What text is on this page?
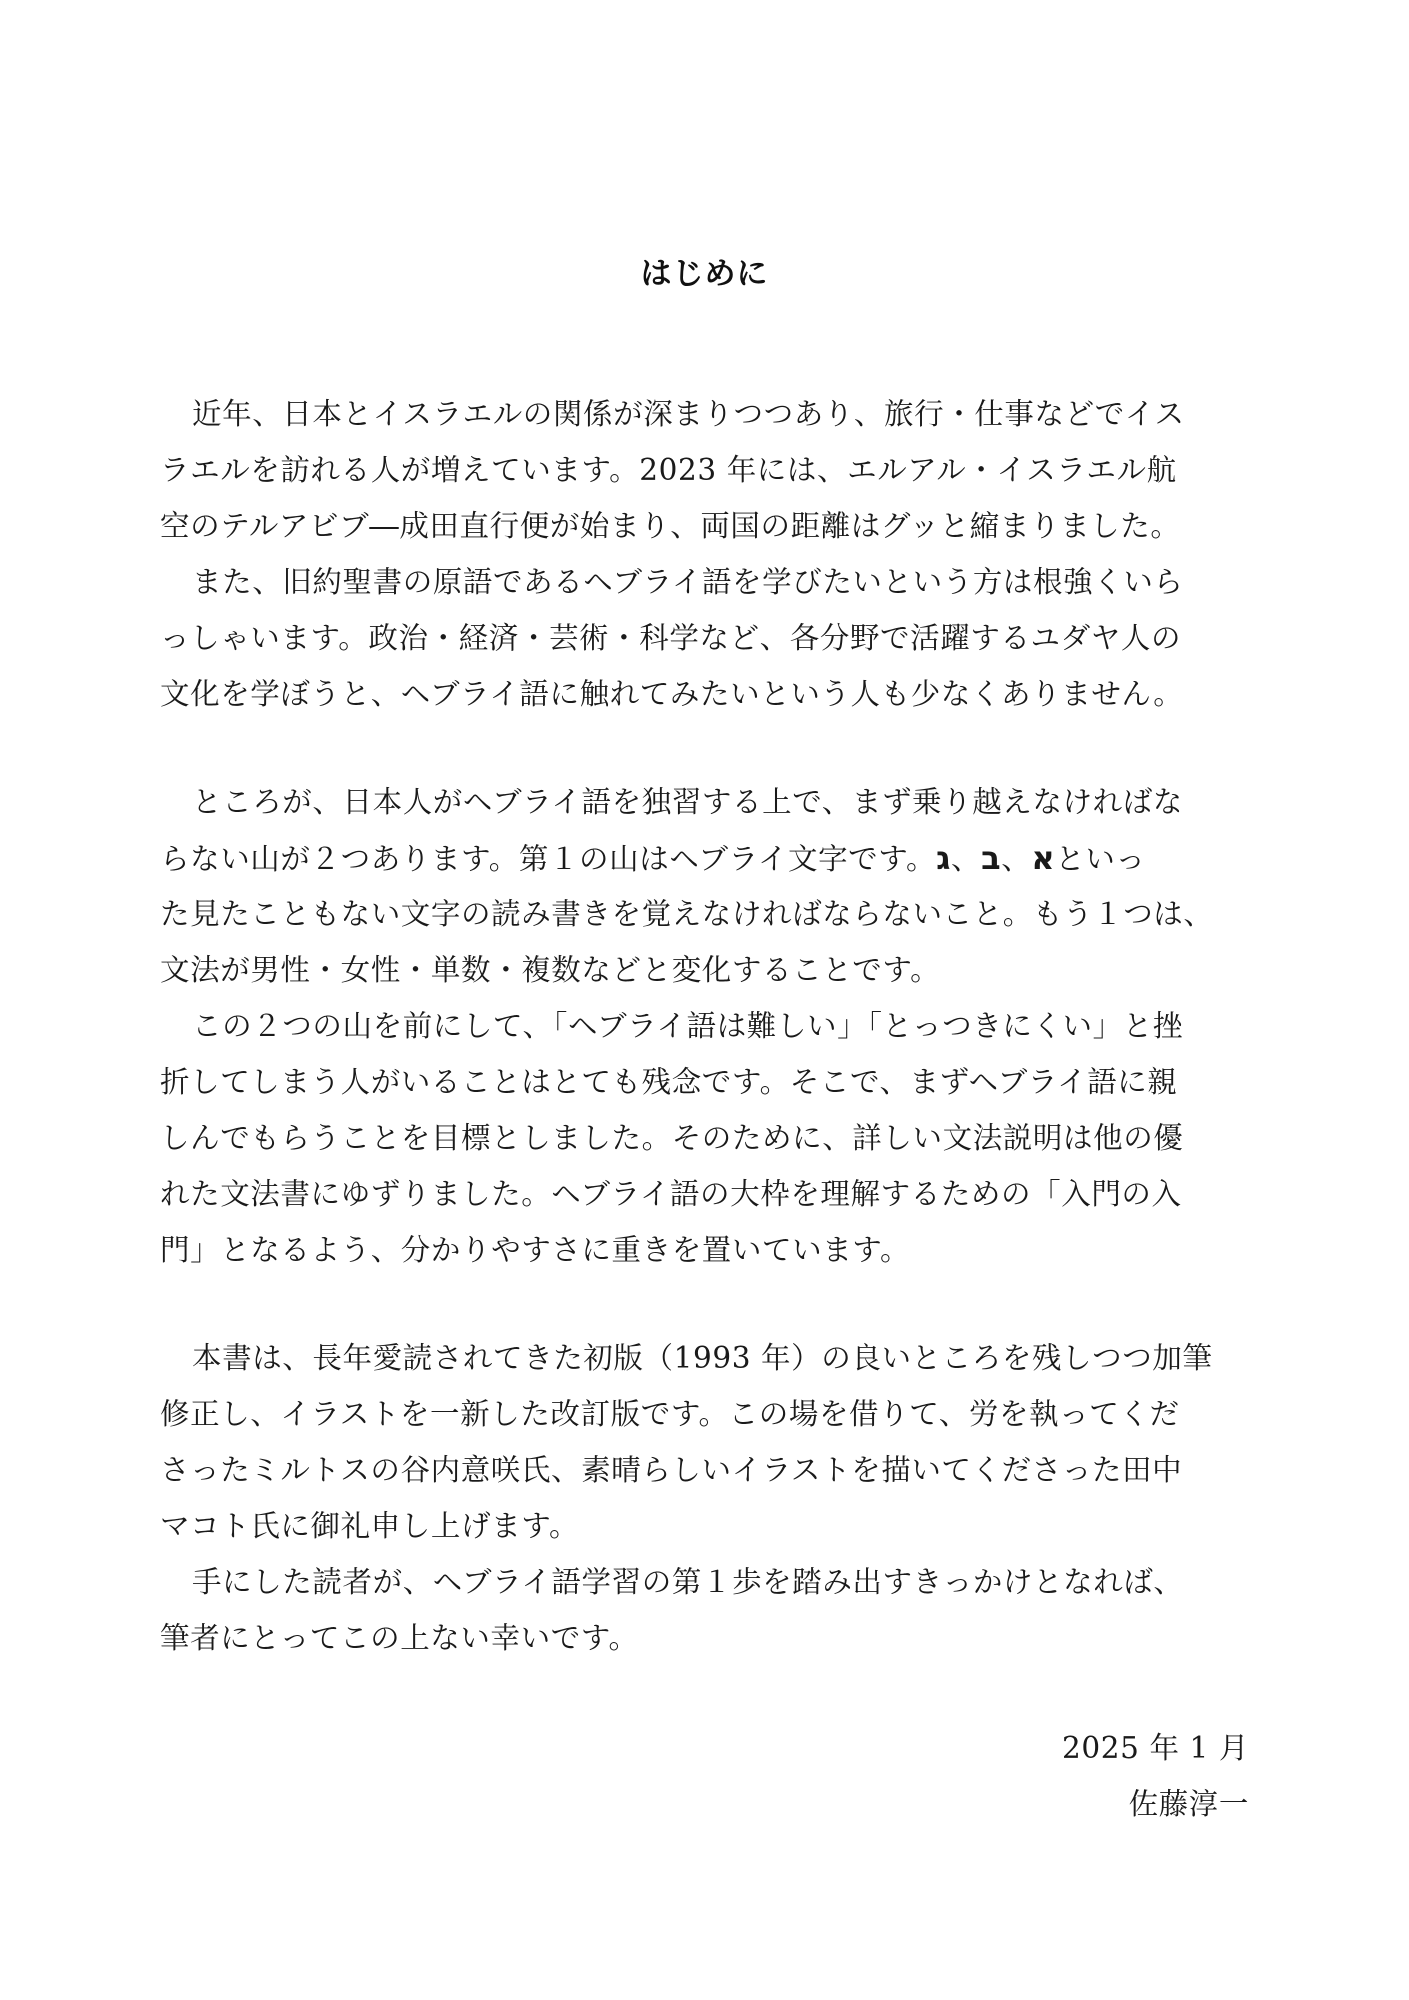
はじめに
近年、日本とイスラエルの関係が深まりつつあり、旅行・仕事などでイス
ラエルを訪れる人が増えています。2023 年には、エルアル・イスラエル航
空のテルアビブ―成田直行便が始まり、両国の距離はグッと縮まりました。
また、旧約聖書の原語であるヘブライ語を学びたいという方は根強くいら
っしゃいます。政治・経済・芸術・科学など、各分野で活躍するユダヤ人の
文化を学ぼうと、ヘブライ語に触れてみたいという人も少なくありません。
ところが、日本人がヘブライ語を独習する上で、まず乗り越えなければな
らない山が２つあります。第１の山はヘブライ文字です。	א、ב、ג	といっ
た見たこともない文字の読み書きを覚えなければならないこと。もう１つは、
文法が男性・女性・単数・複数などと変化することです。
この２つの山を前にして、「ヘブライ語は難しい」「とっつきにくい」と挫
折してしまう人がいることはとても残念です。そこで、まずヘブライ語に親
しんでもらうことを目標としました。そのために、詳しい文法説明は他の優
れた文法書にゆずりました。ヘブライ語の大枠を理解するための「入門の入
門」となるよう、分かりやすさに重きを置いています。
本書は、長年愛読されてきた初版（1993 年）の良いところを残しつつ加筆
修正し、イラストを一新した改訂版です。この場を借りて、労を執ってくだ
さったミルトスの谷内意咲氏、素晴らしいイラストを描いてくださった田中
マコト氏に御礼申し上げます。
手にした読者が、ヘブライ語学習の第１歩を踏み出すきっかけとなれば、
筆者にとってこの上ない幸いです。
2025 年 1 月
佐藤淳一
